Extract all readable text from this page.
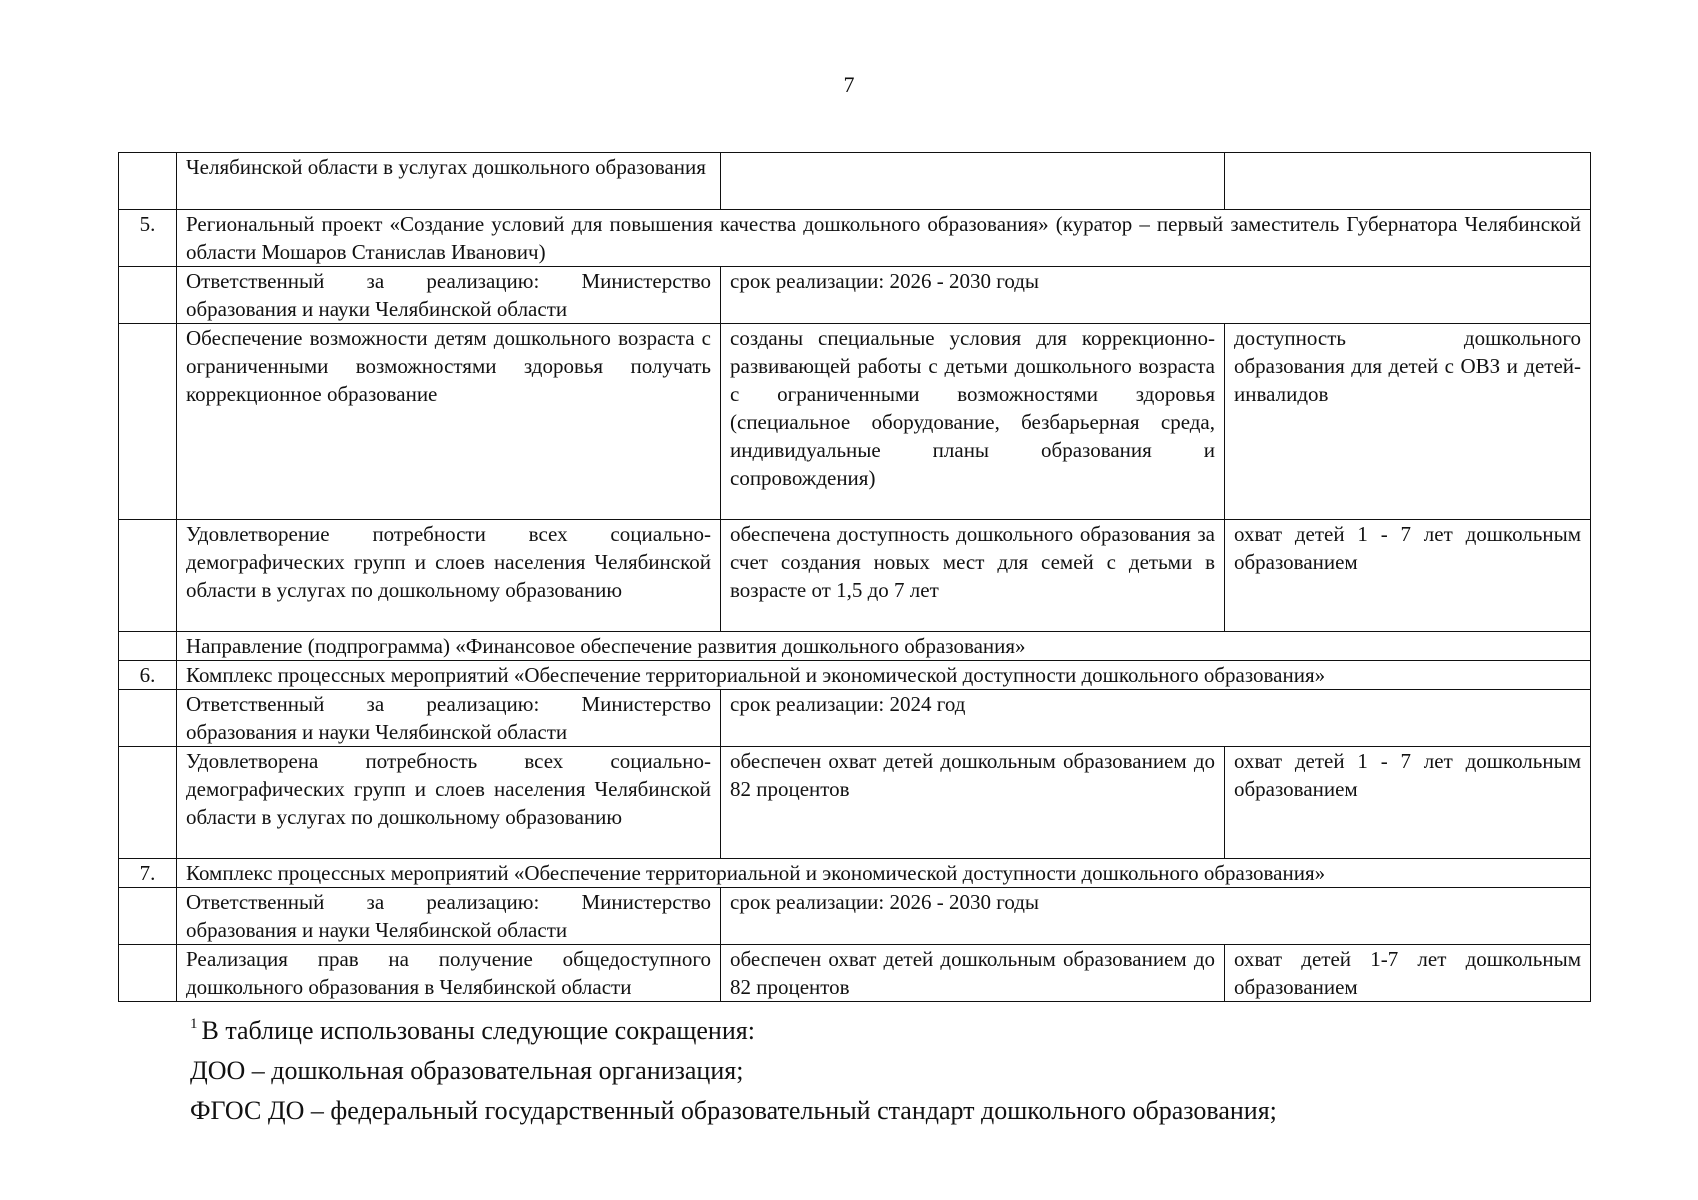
7
	Челябинской области в услугах дошкольного образования		
5.	Региональный проект «Создание условий для повышения качества дошкольного образования» (куратор – первый заместитель Губернатора Челябинской области Мошаров Станислав Иванович)		
	Ответственный за реализацию: Министерство образования и науки Челябинской области	срок реализации: 2026 - 2030 годы	
	Обеспечение возможности детям дошкольного возраста с ограниченными возможностями здоровья получать коррекционное образование	созданы специальные условия для коррекционно-развивающей работы с детьми дошкольного возраста с ограниченными возможностями здоровья (специальное оборудование, безбарьерная среда, индивидуальные планы образования и сопровождения)	доступность дошкольного образования для детей с ОВЗ и детей-инвалидов
	Удовлетворение потребности всех социально-демографических групп и слоев населения Челябинской области в услугах по дошкольному образованию	обеспечена доступность дошкольного образования за счет создания новых мест для семей с детьми в возрасте от 1,5 до 7 лет	охват детей 1 - 7 лет дошкольным образованием
	Направление (подпрограмма) «Финансовое обеспечение развития дошкольного образования»		
6.	Комплекс процессных мероприятий «Обеспечение территориальной и экономической доступности дошкольного образования»		
	Ответственный за реализацию: Министерство образования и науки Челябинской области	срок реализации: 2024 год	
	Удовлетворена потребность всех социально-демографических групп и слоев населения Челябинской области в услугах по дошкольному образованию	обеспечен охват детей дошкольным образованием до 82 процентов	охват детей 1 - 7 лет дошкольным образованием
7.	Комплекс процессных мероприятий «Обеспечение территориальной и экономической доступности дошкольного образования»		
	Ответственный за реализацию: Министерство образования и науки Челябинской области	срок реализации: 2026 - 2030 годы	
	Реализация прав на получение общедоступного дошкольного образования в Челябинской области	обеспечен охват детей дошкольным образованием до 82 процентов	охват детей 1-7 лет дошкольным образованием

$^1$ В таблице использованы следующие сокращения:

ДОО – дошкольная образовательная организация;

ФГОС ДО – федеральный государственный образовательный стандарт дошкольного образования;
